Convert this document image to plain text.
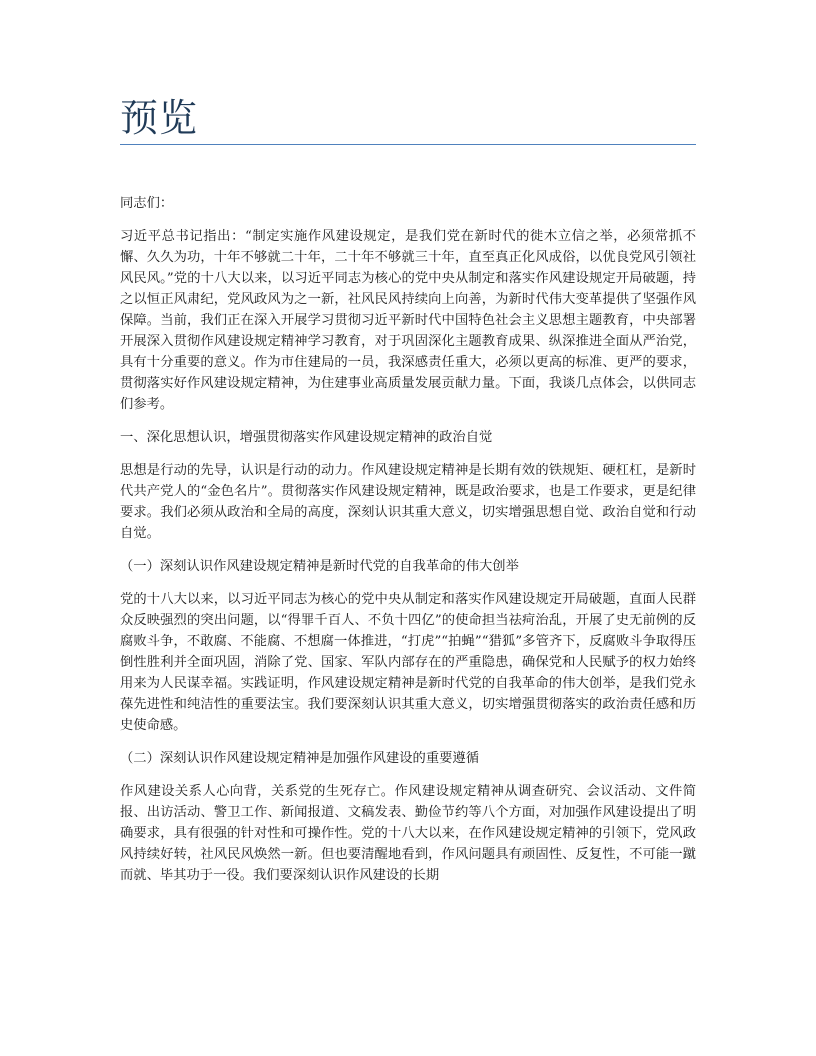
预览

同志们：

习近平总书记指出：“制定实施作风建设规定，是我们党在新时代的徙木立信之举，必须常抓不懈、久久为功，十年不够就二十年，二十年不够就三十年，直至真正化风成俗，以优良党风引领社风民风。”党的十八大以来，以习近平同志为核心的党中央从制定和落实作风建设规定开局破题，持之以恒正风肃纪，党风政风为之一新，社风民风持续向上向善，为新时代伟大变革提供了坚强作风保障。当前，我们正在深入开展学习贯彻习近平新时代中国特色社会主义思想主题教育，中央部署开展深入贯彻作风建设规定精神学习教育，对于巩固深化主题教育成果、纵深推进全面从严治党，具有十分重要的意义。作为市住建局的一员，我深感责任重大，必须以更高的标准、更严的要求，贯彻落实好作风建设规定精神，为住建事业高质量发展贡献力量。下面，我谈几点体会，以供同志们参考。

一、深化思想认识，增强贯彻落实作风建设规定精神的政治自觉

思想是行动的先导，认识是行动的动力。作风建设规定精神是长期有效的铁规矩、硬杠杠，是新时代共产党人的“金色名片”。贯彻落实作风建设规定精神，既是政治要求，也是工作要求，更是纪律要求。我们必须从政治和全局的高度，深刻认识其重大意义，切实增强思想自觉、政治自觉和行动自觉。

（一）深刻认识作风建设规定精神是新时代党的自我革命的伟大创举

党的十八大以来，以习近平同志为核心的党中央从制定和落实作风建设规定开局破题，直面人民群众反映强烈的突出问题，以“得罪千百人、不负十四亿”的使命担当祛疴治乱，开展了史无前例的反腐败斗争，不敢腐、不能腐、不想腐一体推进，“打虎”“拍蝇”“猎狐”多管齐下，反腐败斗争取得压倒性胜利并全面巩固，消除了党、国家、军队内部存在的严重隐患，确保党和人民赋予的权力始终用来为人民谋幸福。实践证明，作风建设规定精神是新时代党的自我革命的伟大创举，是我们党永葆先进性和纯洁性的重要法宝。我们要深刻认识其重大意义，切实增强贯彻落实的政治责任感和历史使命感。

（二）深刻认识作风建设规定精神是加强作风建设的重要遵循

作风建设关系人心向背，关系党的生死存亡。作风建设规定精神从调查研究、会议活动、文件简报、出访活动、警卫工作、新闻报道、文稿发表、勤俭节约等八个方面，对加强作风建设提出了明确要求，具有很强的针对性和可操作性。党的十八大以来，在作风建设规定精神的引领下，党风政风持续好转，社风民风焕然一新。但也要清醒地看到，作风问题具有顽固性、反复性，不可能一蹴而就、毕其功于一役。我们要深刻认识作风建设的长期
